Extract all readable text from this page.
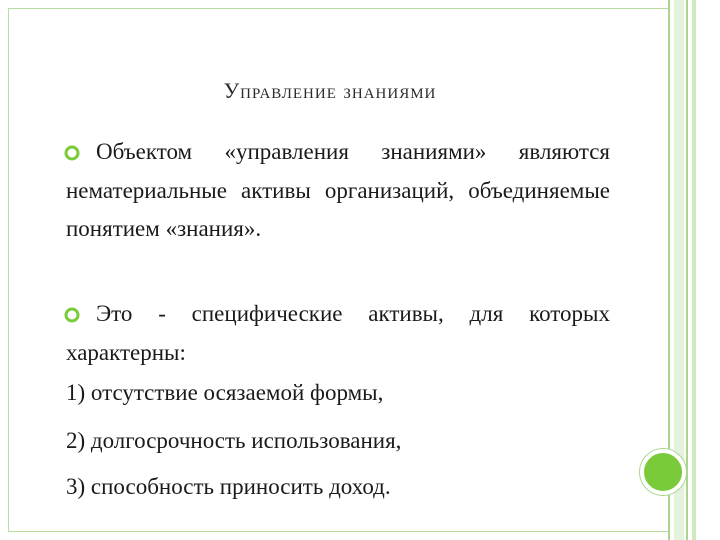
Управление знаниями
Объектом «управления знаниями» являются нематериальные активы организаций, объединяемые понятием «знания».
Это - специфические активы, для которых характерны:
1) отсутствие осязаемой формы,
2) долгосрочность использования,
3) способность приносить доход.
